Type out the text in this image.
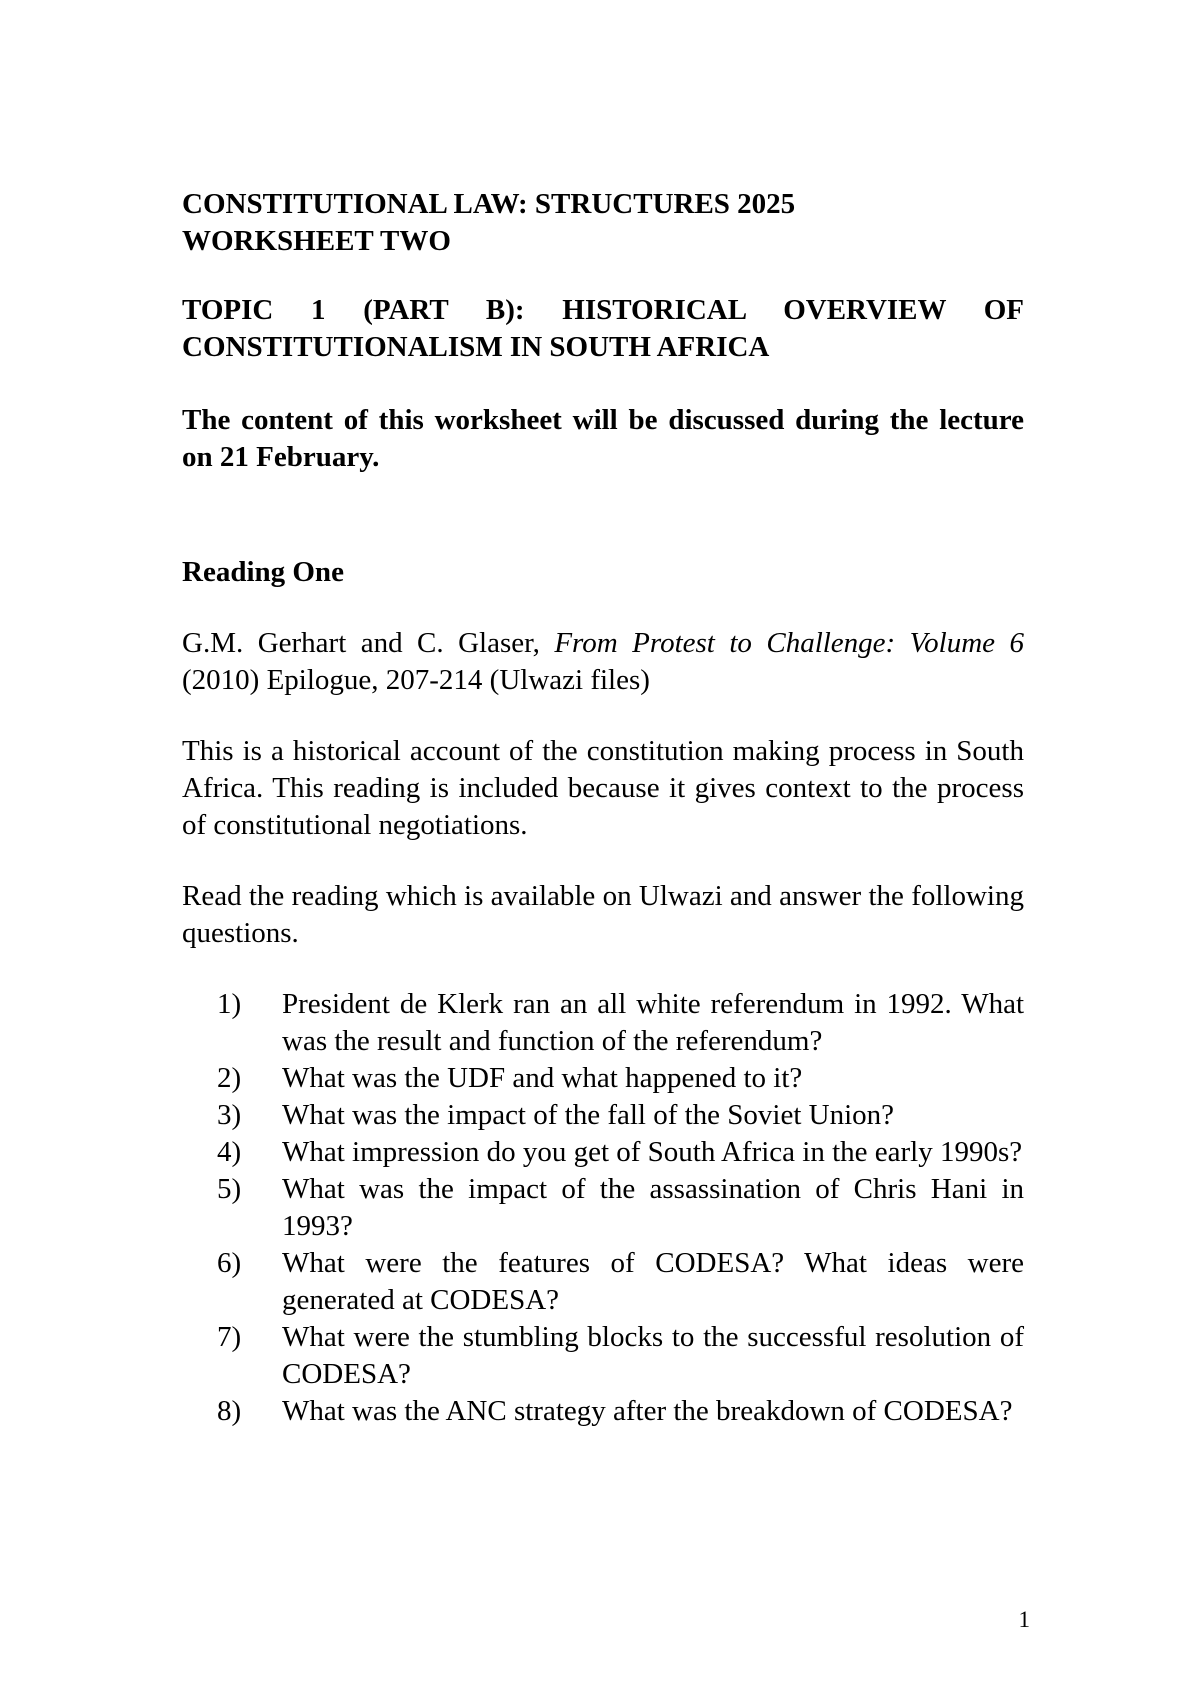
CONSTITUTIONAL LAW: STRUCTURES 2025
WORKSHEET TWO
TOPIC 1 (PART B): HISTORICAL OVERVIEW OF
CONSTITUTIONALISM IN SOUTH AFRICA

The content of this worksheet will be discussed during the lecture on 21 February.

Reading One

G.M. Gerhart and C. Glaser, From Protest to Challenge: Volume 6 (2010) Epilogue, 207-214 (Ulwazi files)

This is a historical account of the constitution making process in South Africa. This reading is included because it gives context to the process of constitutional negotiations.

Read the reading which is available on Ulwazi and answer the following questions.

1) President de Klerk ran an all white referendum in 1992. What was the result and function of the referendum?
2) What was the UDF and what happened to it?
3) What was the impact of the fall of the Soviet Union?
4) What impression do you get of South Africa in the early 1990s?
5) What was the impact of the assassination of Chris Hani in 1993?
6) What were the features of CODESA? What ideas were generated at CODESA?
7) What were the stumbling blocks to the successful resolution of CODESA?
8) What was the ANC strategy after the breakdown of CODESA?
1
